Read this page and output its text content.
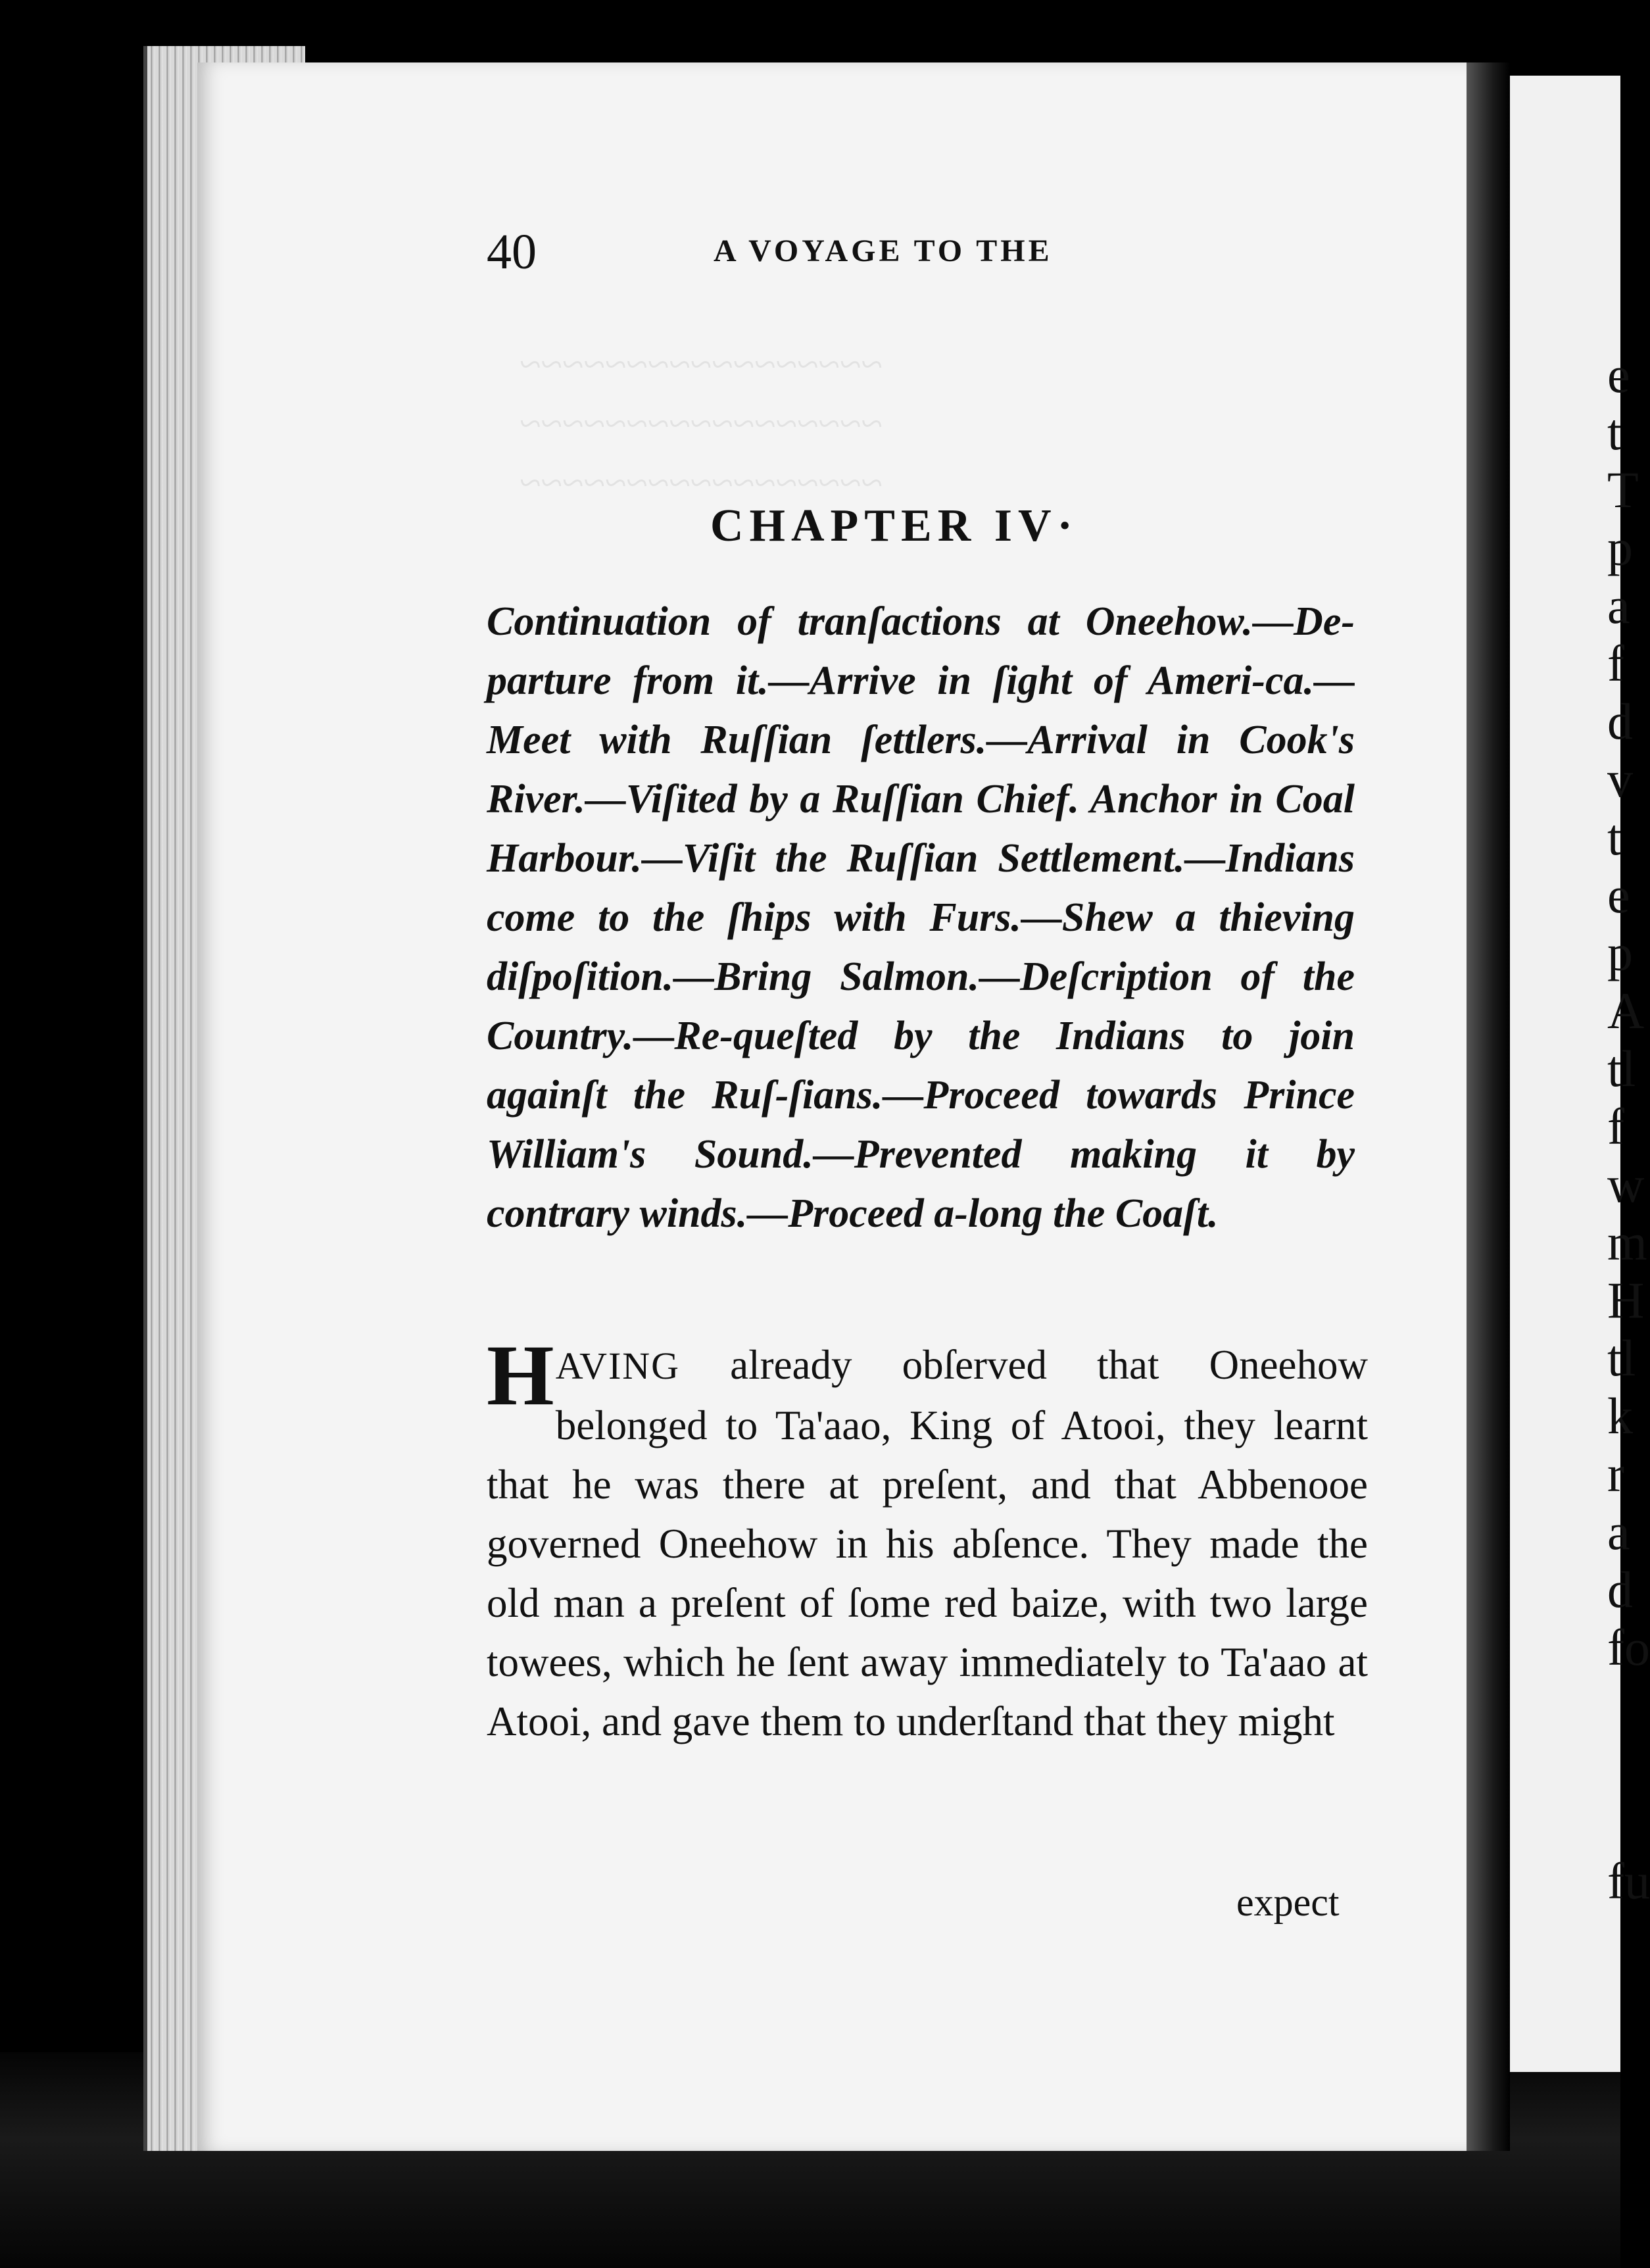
e
t
T
p
a
f
d
v
t
e
p
A
tl
f
w
m
H
tl
k
r
a
d
fo
fu
~~~~~~~~~~~~~~~~~
~~~~~~~~~~~~~~~~~
~~~~~~~~~~~~~~~~~
40	A VOYAGE TO THE
CHAPTER IV·
Continuation of tranſactions at Oneehow.—De-parture from it.—Arrive in ſight of Ameri-ca.—Meet with Ruſſian ſettlers.—Arrival in Cook's River.—Viſited by a Ruſſian Chief. Anchor in Coal Harbour.—Viſit the Ruſſian Settlement.—Indians come to the ſhips with Furs.—Shew a thieving diſpoſition.—Bring Salmon.—Deſcription of the Country.—Re-queſted by the Indians to join againſt the Ruſ-ſians.—Proceed towards Prince William's Sound.—Prevented making it by contrary winds.—Proceed a-long the Coaſt.
HAVING already obſerved that Oneehow belonged to Ta'aao, King of Atooi, they learnt that he was there at preſent, and that Abbenooe governed Oneehow in his abſence. They made the old man a preſent of ſome red baize, with two large towees, which he ſent away immediately to Ta'aao at Atooi, and gave them to underſtand that they might
expect
